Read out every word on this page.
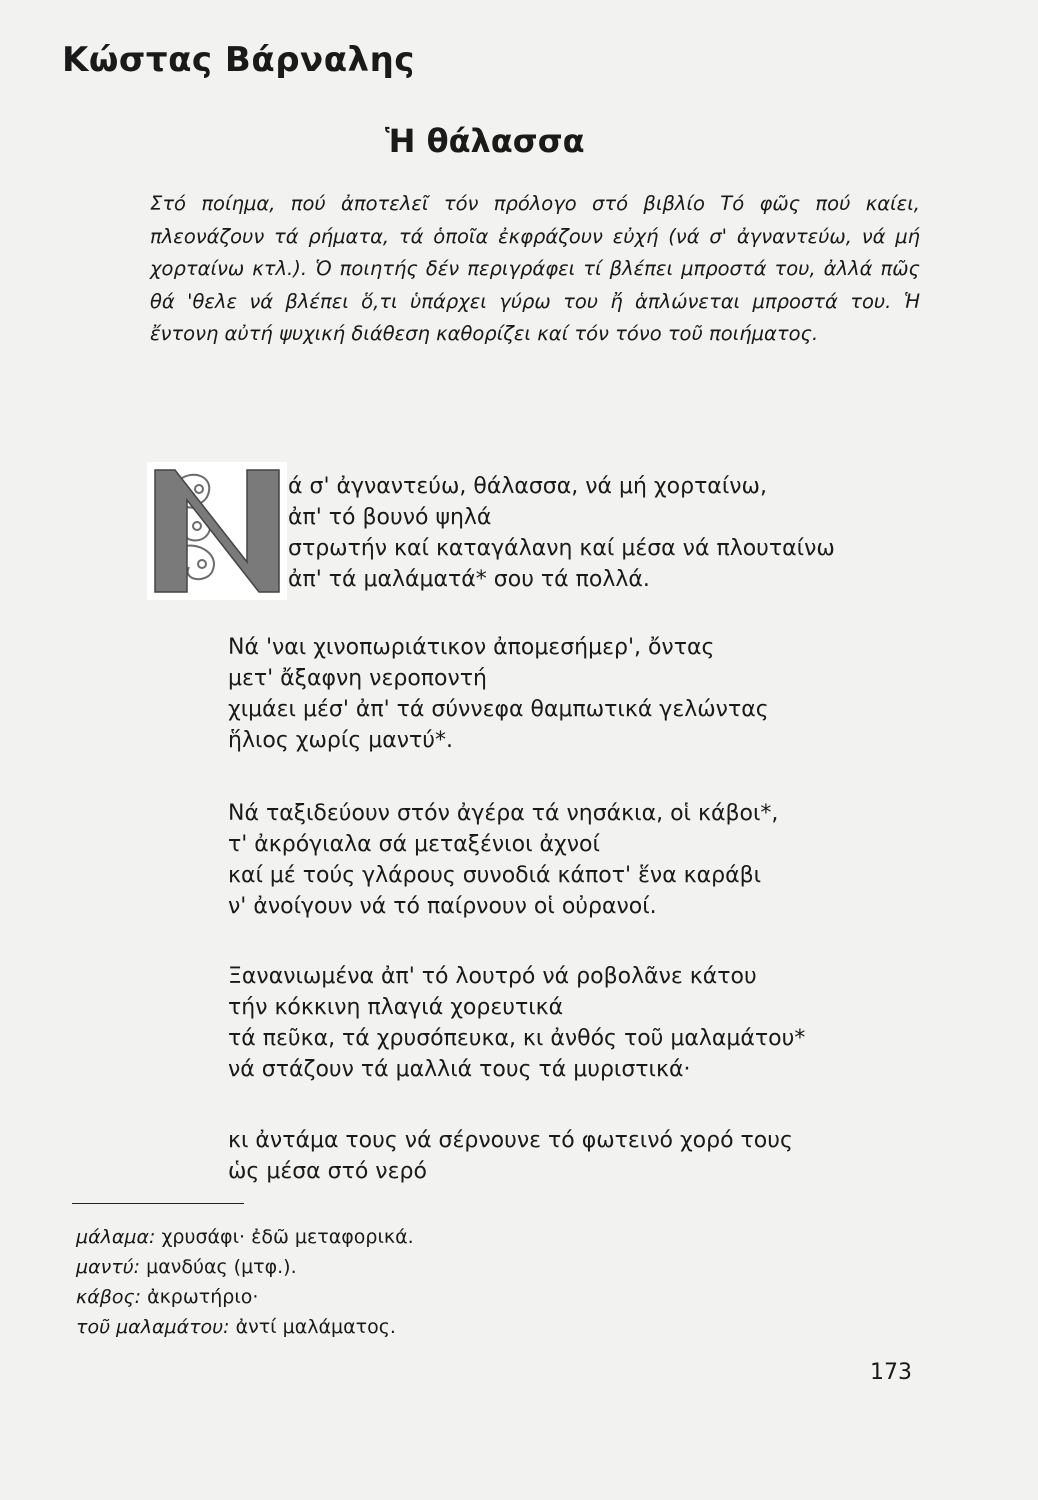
Κώστας Βάρναλης
Ἡ θάλασσα
Στό ποίημα, πού ἀποτελεῖ τόν πρόλογο στό βιβλίο Τό φῶς πού καίει, πλεονάζουν τά ρήματα, τά ὁποῖα ἐκφράζουν εὐχή (νά σ' ἀγναντεύω, νά μή χορταίνω κτλ.). Ὁ ποιητής δέν περιγράφει τί βλέπει μπροστά του, ἀλλά πῶς θά 'θελε νά βλέπει ὅ,τι ὑπάρχει γύρω του ἤ ἁπλώνεται μπροστά του. Ἡ ἔντονη αὐτή ψυχική διάθεση καθορίζει καί τόν τόνο τοῦ ποιήματος.
ά σ' ἀγναντεύω, θάλασσα, νά μή χορταίνω,
ἀπ' τό βουνό ψηλά
στρωτήν καί καταγάλανη καί μέσα νά πλουταίνω
ἀπ' τά μαλάματά* σου τά πολλά.
Νά 'ναι χινοπωριάτικον ἀπομεσήμερ', ὄντας
μετ' ἄξαφνη νεροποντή
χιμάει μέσ' ἀπ' τά σύννεφα θαμπωτικά γελώντας
ἥλιος χωρίς μαντύ*.
Νά ταξιδεύουν στόν ἀγέρα τά νησάκια, οἱ κάβοι*,
τ' ἀκρόγιαλα σά μεταξένιοι ἀχνοί
καί μέ τούς γλάρους συνοδιά κάποτ' ἕνα καράβι
ν' ἀνοίγουν νά τό παίρνουν οἱ οὐρανοί.
Ξανανιωμένα ἀπ' τό λουτρό νά ροβολᾶνε κάτου
τήν κόκκινη πλαγιά χορευτικά
τά πεῦκα, τά χρυσόπευκα, κι ἀνθός τοῦ μαλαμάτου*
νά στάζουν τά μαλλιά τους τά μυριστικά·
κι ἀντάμα τους νά σέρνουνε τό φωτεινό χορό τους
ὡς μέσα στό νερό
μάλαμα: χρυσάφι· ἐδῶ μεταφορικά.
μαντύ: μανδύας (μτφ.).
κάβος: ἀκρωτήριο·
τοῦ μαλαμάτου: ἀντί μαλάματος.
173
